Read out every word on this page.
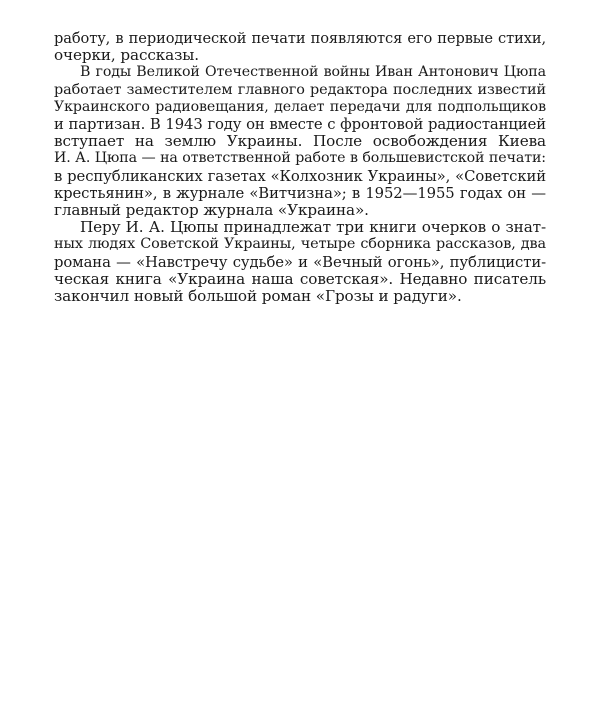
работу, в периодической печати появляются его первые стихи,
очерки, рассказы.
В годы Великой Отечественной войны Иван Антонович Цюпа
работает заместителем главного редактора последних известий
Украинского радиовещания, делает передачи для подпольщиков
и партизан. В 1943 году он вместе с фронтовой радиостанцией
вступает на землю Украины. После освобождения Киева
И. А. Цюпа — на ответственной работе в большевистской печати:
в республиканских газетах «Колхозник Украины», «Советский
крестьянин», в журнале «Витчизна»; в 1952—1955 годах он —
главный редактор журнала «Украина».
Перу И. А. Цюпы принадлежат три книги очерков о знат-
ных людях Советской Украины, четыре сборника рассказов, два
романа — «Навстречу судьбе» и «Вечный огонь», публицисти-
ческая книга «Украина наша советская». Недавно писатель
закончил новый большой роман «Грозы и радуги».
